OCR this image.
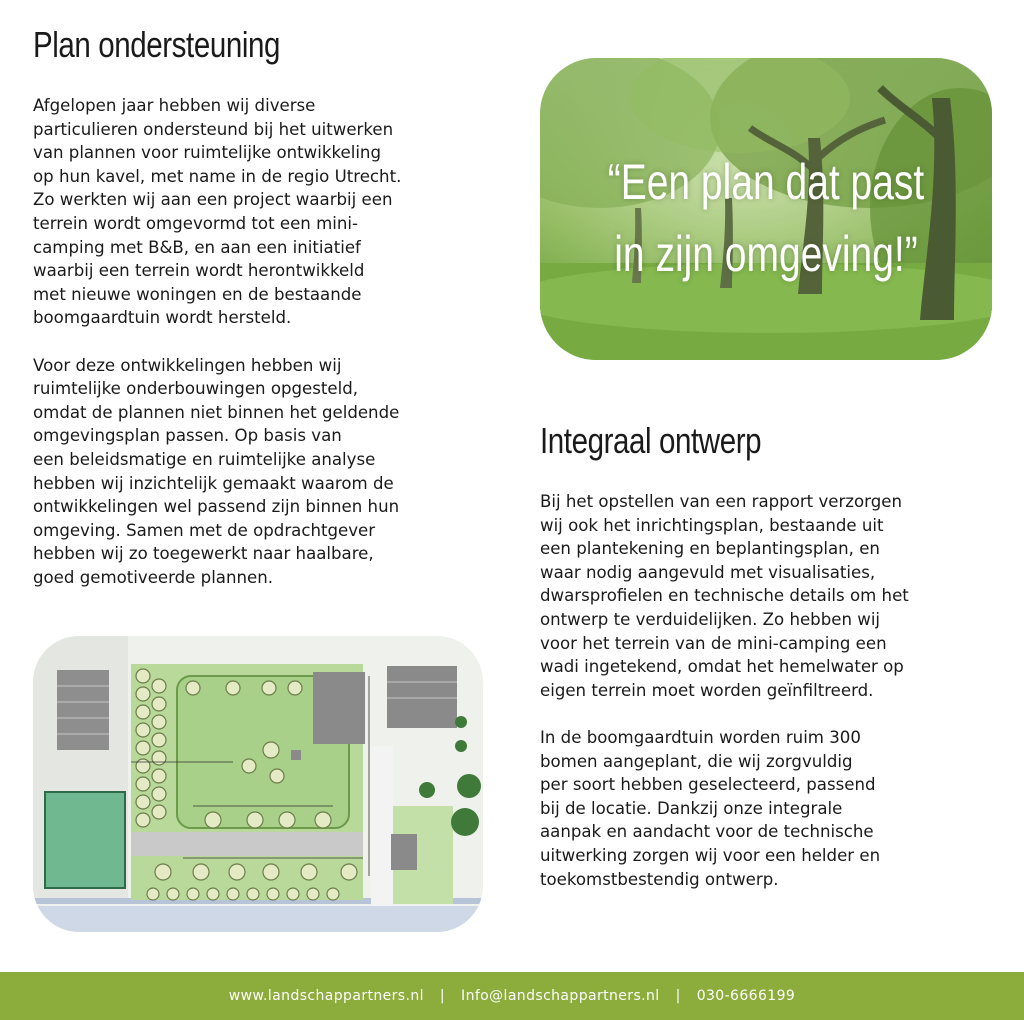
Plan ondersteuning

Afgelopen jaar hebben wij diverse
particulieren ondersteund bij het uitwerken
van plannen voor ruimtelijke ontwikkeling
op hun kavel, met name in de regio Utrecht.
Zo werkten wij aan een project waarbij een
terrein wordt omgevormd tot een mini-
camping met B&B, en aan een initiatief
waarbij een terrein wordt herontwikkeld
met nieuwe woningen en de bestaande
boomgaardtuin wordt hersteld.

Voor deze ontwikkelingen hebben wij
ruimtelijke onderbouwingen opgesteld,
omdat de plannen niet binnen het geldende
omgevingsplan passen. Op basis van
een beleidsmatige en ruimtelijke analyse
hebben wij inzichtelijk gemaakt waarom de
ontwikkelingen wel passend zijn binnen hun
omgeving. Samen met de opdrachtgever
hebben wij zo toegewerkt naar haalbare,
goed gemotiveerde plannen.

“Een plan dat past
in zijn omgeving!”
Integraal ontwerp

Bij het opstellen van een rapport verzorgen
wij ook het inrichtingsplan, bestaande uit
een plantekening en beplantingsplan, en
waar nodig aangevuld met visualisaties,
dwarsprofielen en technische details om het
ontwerp te verduidelijken. Zo hebben wij
voor het terrein van de mini-camping een
wadi ingetekend, omdat het hemelwater op
eigen terrein moet worden geïnfiltreerd.

In de boomgaardtuin worden ruim 300
bomen aangeplant, die wij zorgvuldig
per soort hebben geselecteerd, passend
bij de locatie. Dankzij onze integrale
aanpak en aandacht voor de technische
uitwerking zorgen wij voor een helder en
toekomstbestendig ontwerp.

www.landschappartners.nl | Info@landschappartners.nl | 030-6666199
